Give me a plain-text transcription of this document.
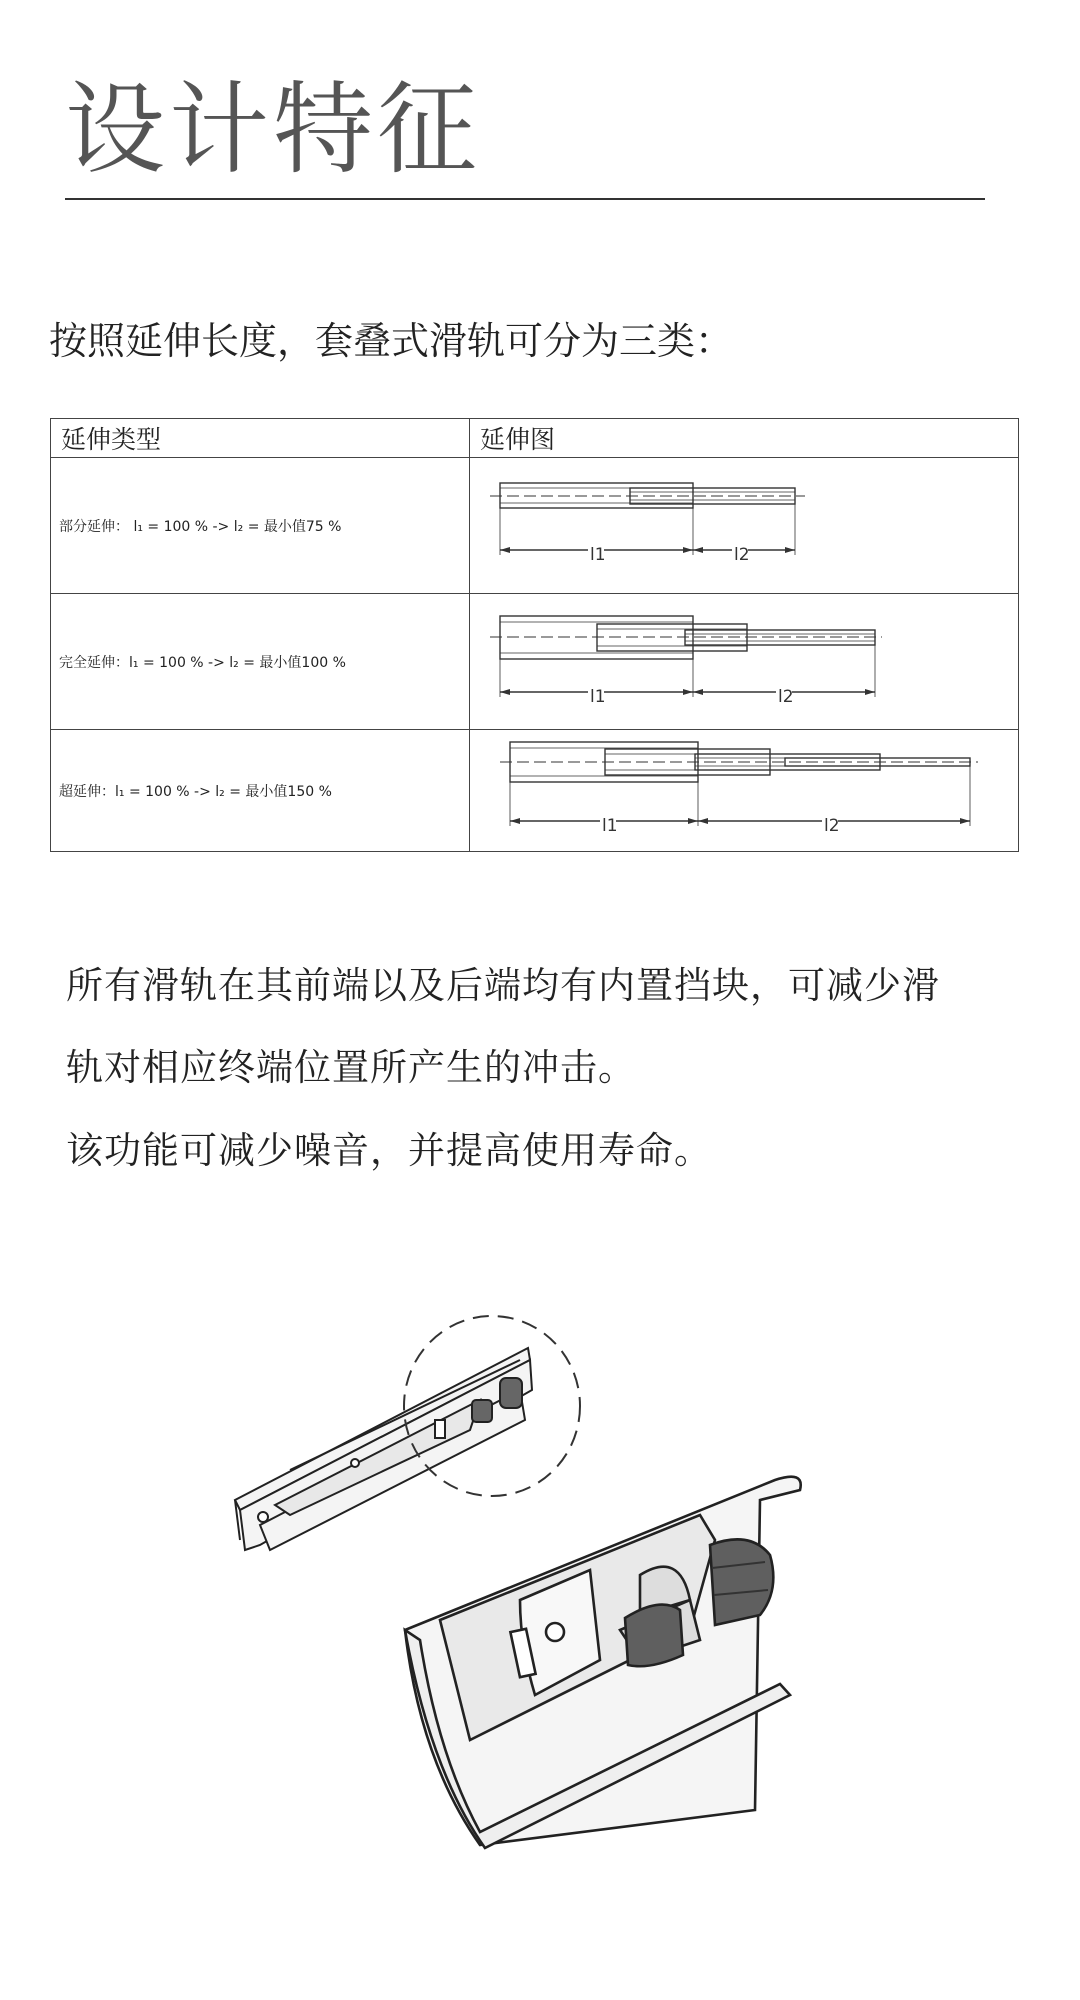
设计特征
按照延伸长度，套叠式滑轨可分为三类：
延伸类型	延伸图
部分延伸： l₁ = 100 % -> l₂ = 最小值75 %	l1 l2

完全延伸：l₁ = 100 % -> l₂ = 最小值100 %	l1 l2

超延伸：l₁ = 100 % -> l₂ = 最小值150 %	l1 l2
所有滑轨在其前端以及后端均有内置挡块，可减少滑
轨对相应终端位置所产生的冲击。
该功能可减少噪音，并提高使用寿命。
